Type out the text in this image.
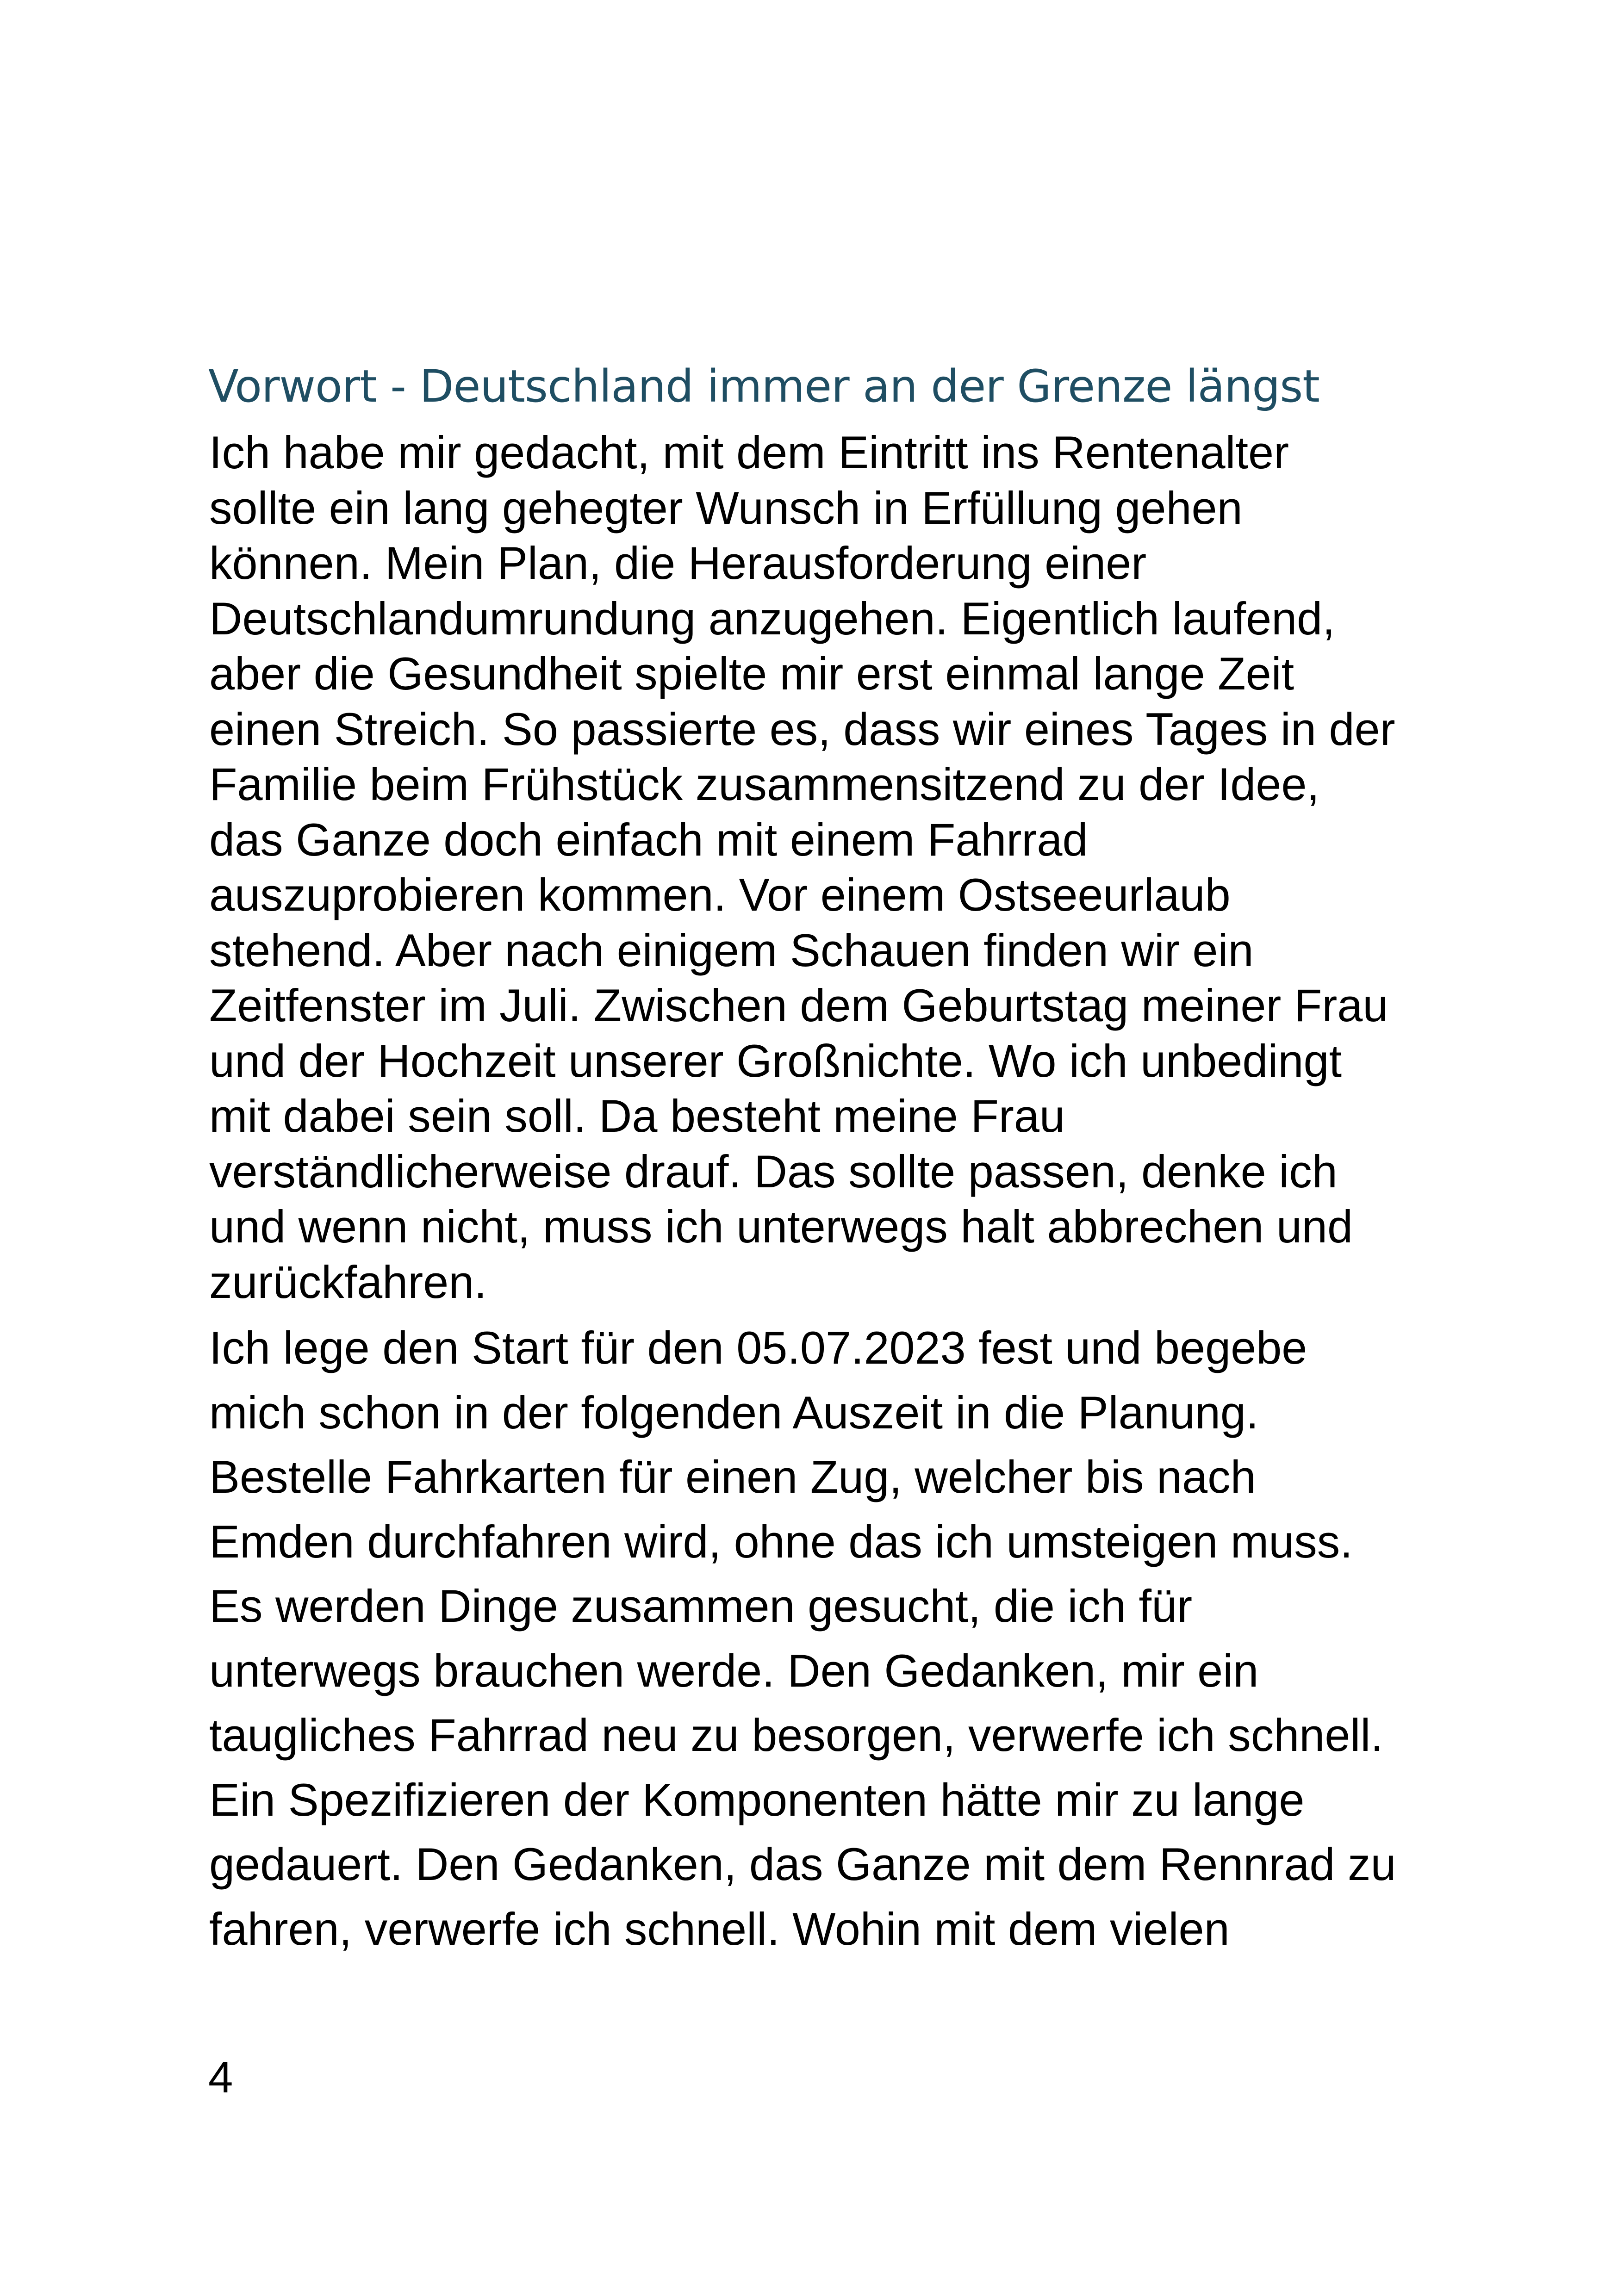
Vorwort - Deutschland immer an der Grenze längst

Ich habe mir gedacht, mit dem Eintritt ins Rentenalter
sollte ein lang gehegter Wunsch in Erfüllung gehen
können. Mein Plan, die Herausforderung einer
Deutschlandumrundung anzugehen. Eigentlich laufend,
aber die Gesundheit spielte mir erst einmal lange Zeit
einen Streich. So passierte es, dass wir eines Tages in der
Familie beim Frühstück zusammensitzend zu der Idee,
das Ganze doch einfach mit einem Fahrrad
auszuprobieren kommen. Vor einem Ostseeurlaub
stehend. Aber nach einigem Schauen finden wir ein
Zeitfenster im Juli. Zwischen dem Geburtstag meiner Frau
und der Hochzeit unserer Großnichte. Wo ich unbedingt
mit dabei sein soll. Da besteht meine Frau
verständlicherweise drauf. Das sollte passen, denke ich
und wenn nicht, muss ich unterwegs halt abbrechen und
zurückfahren.

Ich lege den Start für den 05.07.2023 fest und begebe
mich schon in der folgenden Auszeit in die Planung.
Bestelle Fahrkarten für einen Zug, welcher bis nach
Emden durchfahren wird, ohne das ich umsteigen muss.
Es werden Dinge zusammen gesucht, die ich für
unterwegs brauchen werde. Den Gedanken, mir ein
taugliches Fahrrad neu zu besorgen, verwerfe ich schnell.
Ein Spezifizieren der Komponenten hätte mir zu lange
gedauert. Den Gedanken, das Ganze mit dem Rennrad zu
fahren, verwerfe ich schnell. Wohin mit dem vielen

4
